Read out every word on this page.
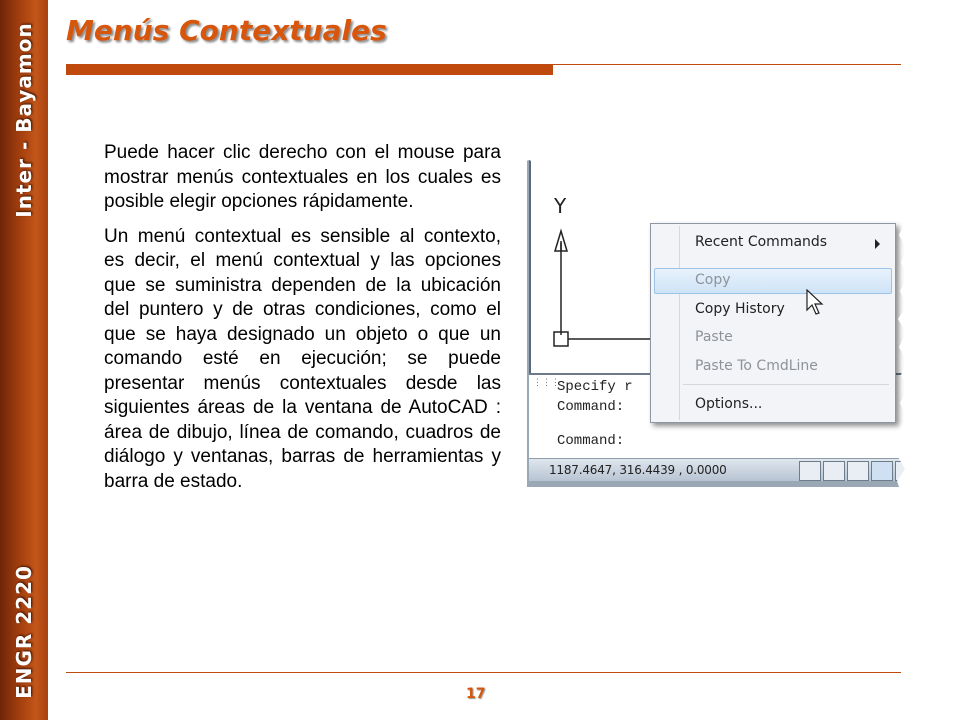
Inter - Bayamon
ENGR 2220
Menús Contextuales

Puede hacer clic derecho con el mouse para mostrar menús contextuales en los cuales es posible elegir opciones rápidamente.

Un menú contextual es sensible al contexto, es decir, el menú contextual y las opciones que se suministra dependen de la ubicación del puntero y de otras condiciones, como el que se haya designado un objeto o que un comando esté en ejecución; se puede presentar menús contextuales desde las siguientes áreas de la ventana de AutoCAD : área de dibujo, línea de comando, cuadros de diálogo y ventanas, barras de herramientas y barra de estado.

Y
⋮⋮⋮
Specify r
Command:
Command:
1187.4647, 316.4439 , 0.0000
Recent Commands
Copy
Copy History
Paste
Paste To CmdLine
Options...
17
